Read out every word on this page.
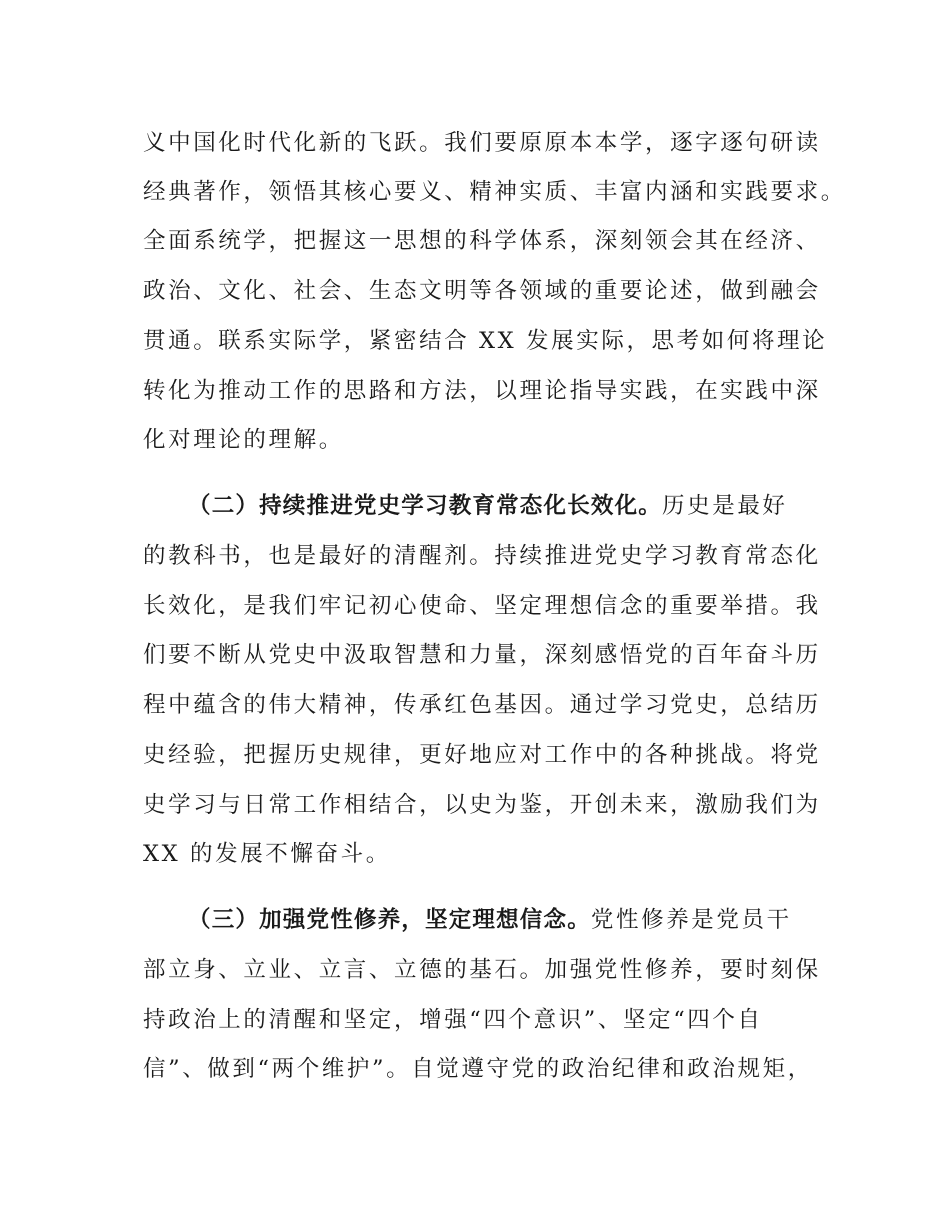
义中国化时代化新的飞跃。我们要原原本本学，逐字逐句研读
经典著作，领悟其核心要义、精神实质、丰富内涵和实践要求。
全面系统学，把握这一思想的科学体系，深刻领会其在经济、
政治、文化、社会、生态文明等各领域的重要论述，做到融会
贯通。联系实际学，紧密结合 XX 发展实际，思考如何将理论
转化为推动工作的思路和方法，以理论指导实践，在实践中深
化对理论的理解。
（二）持续推进党史学习教育常态化长效化。历史是最好
的教科书，也是最好的清醒剂。持续推进党史学习教育常态化
长效化，是我们牢记初心使命、坚定理想信念的重要举措。我
们要不断从党史中汲取智慧和力量，深刻感悟党的百年奋斗历
程中蕴含的伟大精神，传承红色基因。通过学习党史，总结历
史经验，把握历史规律，更好地应对工作中的各种挑战。将党
史学习与日常工作相结合，以史为鉴，开创未来，激励我们为
XX 的发展不懈奋斗。
（三）加强党性修养，坚定理想信念。党性修养是党员干
部立身、立业、立言、立德的基石。加强党性修养，要时刻保
持政治上的清醒和坚定，增强“四个意识”、坚定“四个自
信”、做到“两个维护”。自觉遵守党的政治纪律和政治规矩，
